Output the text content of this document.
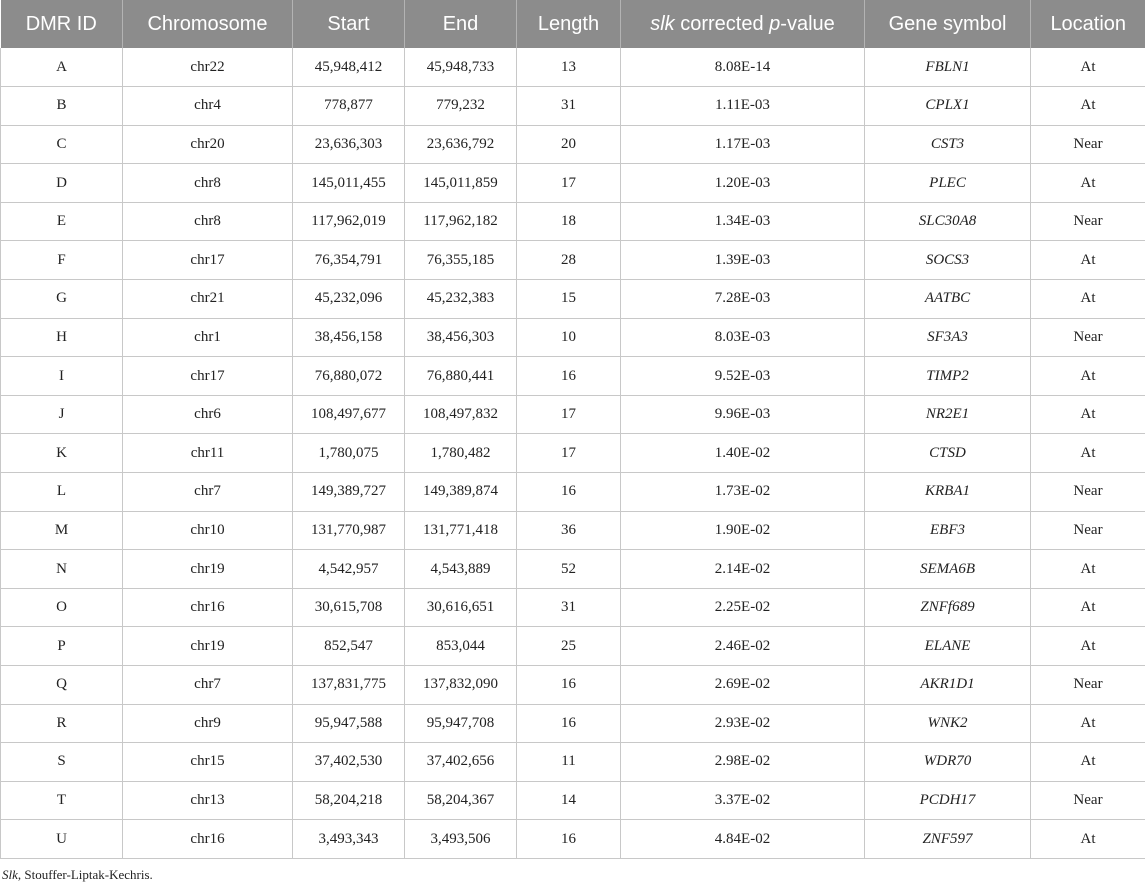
DMR ID	Chromosome	Start	End	Length	slk corrected p-value	Gene symbol	Location
A	chr22	45,948,412	45,948,733	13	8.08E-14	FBLN1	At
B	chr4	778,877	779,232	31	1.11E-03	CPLX1	At
C	chr20	23,636,303	23,636,792	20	1.17E-03	CST3	Near
D	chr8	145,011,455	145,011,859	17	1.20E-03	PLEC	At
E	chr8	117,962,019	117,962,182	18	1.34E-03	SLC30A8	Near
F	chr17	76,354,791	76,355,185	28	1.39E-03	SOCS3	At
G	chr21	45,232,096	45,232,383	15	7.28E-03	AATBC	At
H	chr1	38,456,158	38,456,303	10	8.03E-03	SF3A3	Near
I	chr17	76,880,072	76,880,441	16	9.52E-03	TIMP2	At
J	chr6	108,497,677	108,497,832	17	9.96E-03	NR2E1	At
K	chr11	1,780,075	1,780,482	17	1.40E-02	CTSD	At
L	chr7	149,389,727	149,389,874	16	1.73E-02	KRBA1	Near
M	chr10	131,770,987	131,771,418	36	1.90E-02	EBF3	Near
N	chr19	4,542,957	4,543,889	52	2.14E-02	SEMA6B	At
O	chr16	30,615,708	30,616,651	31	2.25E-02	ZNFf689	At
P	chr19	852,547	853,044	25	2.46E-02	ELANE	At
Q	chr7	137,831,775	137,832,090	16	2.69E-02	AKR1D1	Near
R	chr9	95,947,588	95,947,708	16	2.93E-02	WNK2	At
S	chr15	37,402,530	37,402,656	11	2.98E-02	WDR70	At
T	chr13	58,204,218	58,204,367	14	3.37E-02	PCDH17	Near
U	chr16	3,493,343	3,493,506	16	4.84E-02	ZNF597	At
Slk, Stouffer-Liptak-Kechris.
